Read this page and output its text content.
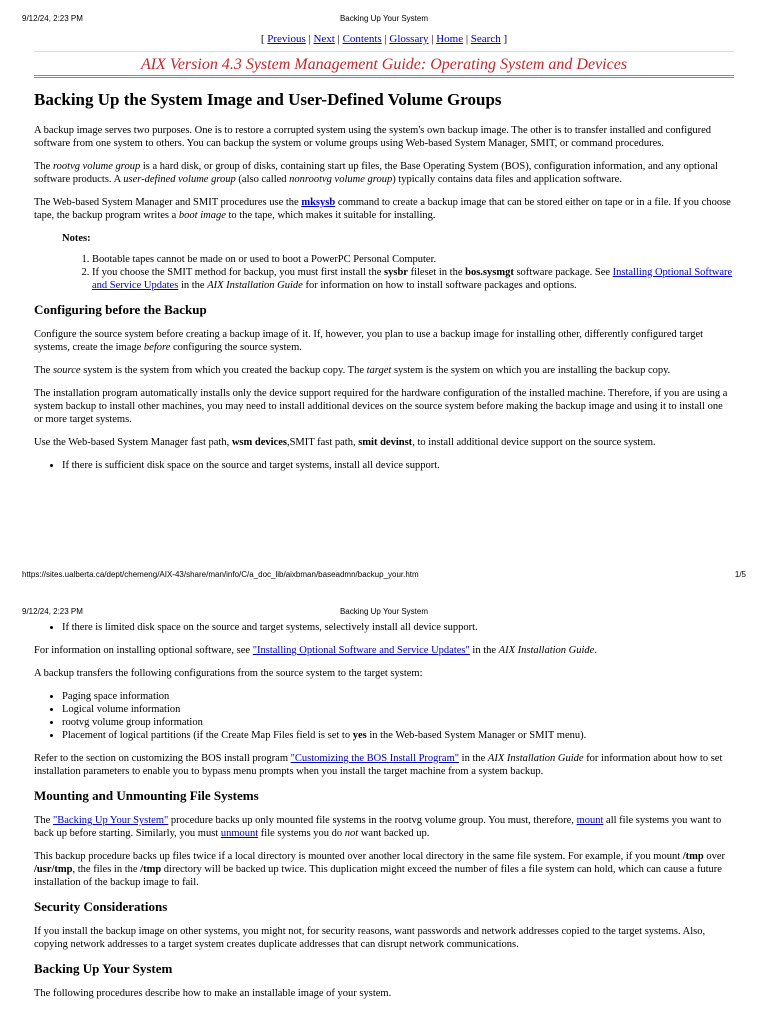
9/12/24, 2:23 PM	Backing Up Your System
[ Previous | Next | Contents | Glossary | Home | Search ]
AIX Version 4.3 System Management Guide: Operating System and Devices
Backing Up the System Image and User-Defined Volume Groups

A backup image serves two purposes. One is to restore a corrupted system using the system's own backup image. The other is to transfer installed and configured software from one system to others. You can backup the system or volume groups using Web-based System Manager, SMIT, or command procedures.

The rootvg volume group is a hard disk, or group of disks, containing start up files, the Base Operating System (BOS), configuration information, and any optional software products. A user-defined volume group (also called nonrootvg volume group) typically contains data files and application software.

The Web-based System Manager and SMIT procedures use the mksysb command to create a backup image that can be stored either on tape or in a file. If you choose tape, the backup program writes a boot image to the tape, which makes it suitable for installing.

Notes:
1. Bootable tapes cannot be made on or used to boot a PowerPC Personal Computer.
2. If you choose the SMIT method for backup, you must first install the sysbr fileset in the bos.sysmgt software package. See Installing Optional Software and Service Updates in the AIX Installation Guide for information on how to install software packages and options.
Configuring before the Backup

Configure the source system before creating a backup image of it. If, however, you plan to use a backup image for installing other, differently configured target systems, create the image before configuring the source system.

The source system is the system from which you created the backup copy. The target system is the system on which you are installing the backup copy.

The installation program automatically installs only the device support required for the hardware configuration of the installed machine. Therefore, if you are using a system backup to install other machines, you may need to install additional devices on the source system before making the backup image and using it to install one or more target systems.

Use the Web-based System Manager fast path, wsm devices,SMIT fast path, smit devinst, to install additional device support on the source system.

• If there is sufficient disk space on the source and target systems, install all device support.
https://sites.ualberta.ca/dept/chemeng/AIX-43/share/man/info/C/a_doc_lib/aixbman/baseadmn/backup_your.htm	1/5
9/12/24, 2:23 PM	Backing Up Your System
• If there is limited disk space on the source and target systems, selectively install all device support.

For information on installing optional software, see "Installing Optional Software and Service Updates" in the AIX Installation Guide.

A backup transfers the following configurations from the source system to the target system:

• Paging space information
• Logical volume information
• rootvg volume group information
• Placement of logical partitions (if the Create Map Files field is set to yes in the Web-based System Manager or SMIT menu).

Refer to the section on customizing the BOS install program "Customizing the BOS Install Program" in the AIX Installation Guide for information about how to set installation parameters to enable you to bypass menu prompts when you install the target machine from a system backup.

Mounting and Unmounting File Systems

The "Backing Up Your System" procedure backs up only mounted file systems in the rootvg volume group. You must, therefore, mount all file systems you want to back up before starting. Similarly, you must unmount file systems you do not want backed up.

This backup procedure backs up files twice if a local directory is mounted over another local directory in the same file system. For example, if you mount /tmp over /usr/tmp, the files in the /tmp directory will be backed up twice. This duplication might exceed the number of files a file system can hold, which can cause a future installation of the backup image to fail.

Security Considerations

If you install the backup image on other systems, you might not, for security reasons, want passwords and network addresses copied to the target systems. Also, copying network addresses to a target system creates duplicate addresses that can disrupt network communications.

Backing Up Your System

The following procedures describe how to make an installable image of your system.
